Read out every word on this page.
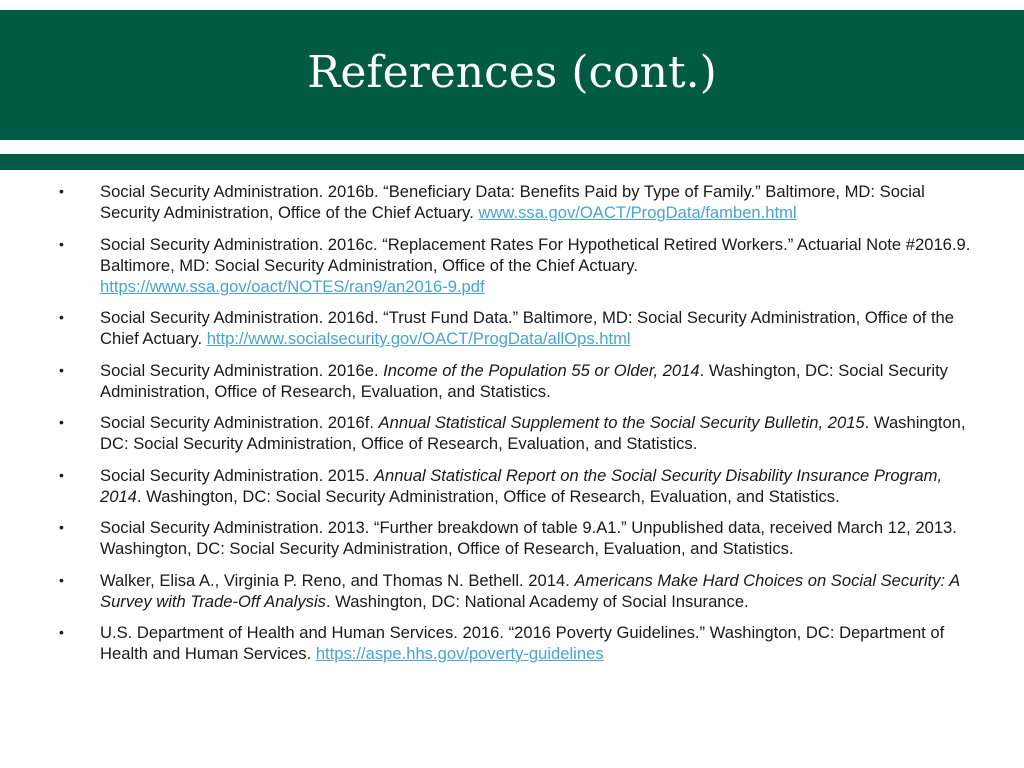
References (cont.)
• Social Security Administration. 2016b. “Beneficiary Data: Benefits Paid by Type of Family.” Baltimore, MD: Social Security Administration, Office of the Chief Actuary. www.ssa.gov/OACT/ProgData/famben.html
• Social Security Administration. 2016c. “Replacement Rates For Hypothetical Retired Workers.” Actuarial Note #2016.9. Baltimore, MD: Social Security Administration, Office of the Chief Actuary. https://www.ssa.gov/oact/NOTES/ran9/an2016-9.pdf
• Social Security Administration. 2016d. “Trust Fund Data.” Baltimore, MD: Social Security Administration, Office of the Chief Actuary. http://www.socialsecurity.gov/OACT/ProgData/allOps.html
• Social Security Administration. 2016e. Income of the Population 55 or Older, 2014. Washington, DC: Social Security Administration, Office of Research, Evaluation, and Statistics.
• Social Security Administration. 2016f. Annual Statistical Supplement to the Social Security Bulletin, 2015. Washington, DC: Social Security Administration, Office of Research, Evaluation, and Statistics.
• Social Security Administration. 2015. Annual Statistical Report on the Social Security Disability Insurance Program, 2014. Washington, DC: Social Security Administration, Office of Research, Evaluation, and Statistics.
• Social Security Administration. 2013. “Further breakdown of table 9.A1.” Unpublished data, received March 12, 2013. Washington, DC: Social Security Administration, Office of Research, Evaluation, and Statistics.
• Walker, Elisa A., Virginia P. Reno, and Thomas N. Bethell. 2014. Americans Make Hard Choices on Social Security: A Survey with Trade-Off Analysis. Washington, DC: National Academy of Social Insurance.
• U.S. Department of Health and Human Services. 2016. “2016 Poverty Guidelines.” Washington, DC: Department of Health and Human Services. https://aspe.hhs.gov/poverty-guidelines
